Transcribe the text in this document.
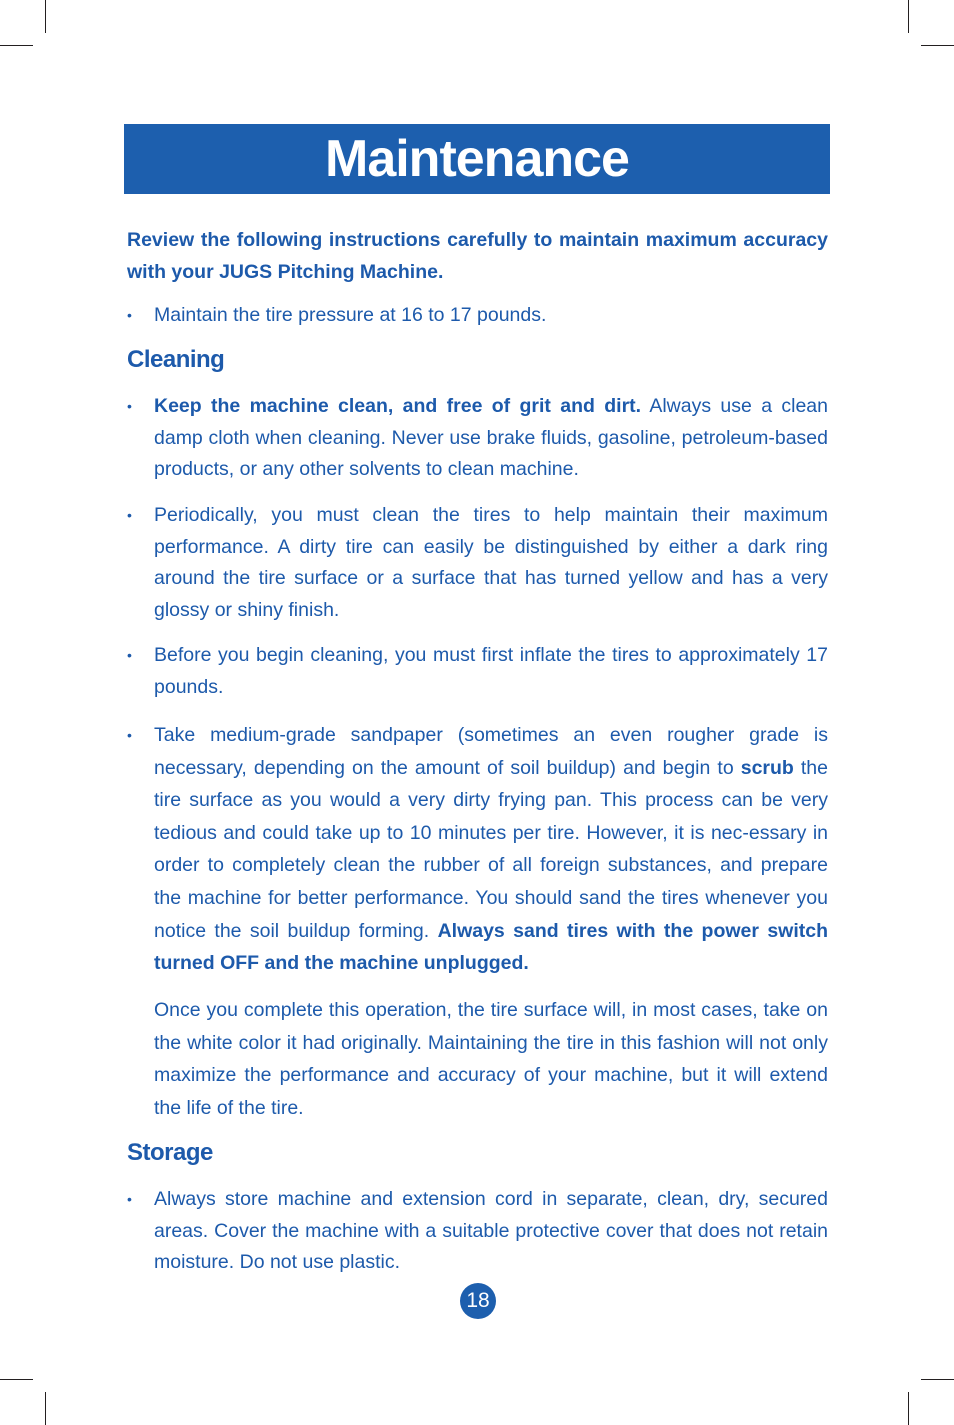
Maintenance
Review the following instructions carefully to maintain maximum accuracy with your JUGS Pitching Machine.
•	Maintain the tire pressure at 16 to 17 pounds.
Cleaning
•	Keep the machine clean, and free of grit and dirt. Always use a clean damp cloth when cleaning. Never use brake fluids, gasoline, petroleum-based products, or any other solvents to clean machine.
•	Periodically, you must clean the tires to help maintain their maximum performance. A dirty tire can easily be distinguished by either a dark ring around the tire surface or a surface that has turned yellow and has a very glossy or shiny finish.
•	Before you begin cleaning, you must first inflate the tires to approximately 17 pounds.
•	Take medium-grade sandpaper (sometimes an even rougher grade is necessary, depending on the amount of soil buildup) and begin to scrub the tire surface as you would a very dirty frying pan. This process can be very tedious and could take up to 10 minutes per tire. However, it is nec-essary in order to completely clean the rubber of all foreign substances, and prepare the machine for better performance. You should sand the tires whenever you notice the soil buildup forming. Always sand tires with the power switch turned OFF and the machine unplugged.
Once you complete this operation, the tire surface will, in most cases, take on the white color it had originally. Maintaining the tire in this fashion will not only maximize the performance and accuracy of your machine, but it will extend the life of the tire.
Storage
•	Always store machine and extension cord in separate, clean, dry, secured areas. Cover the machine with a suitable protective cover that does not retain moisture. Do not use plastic.
18
